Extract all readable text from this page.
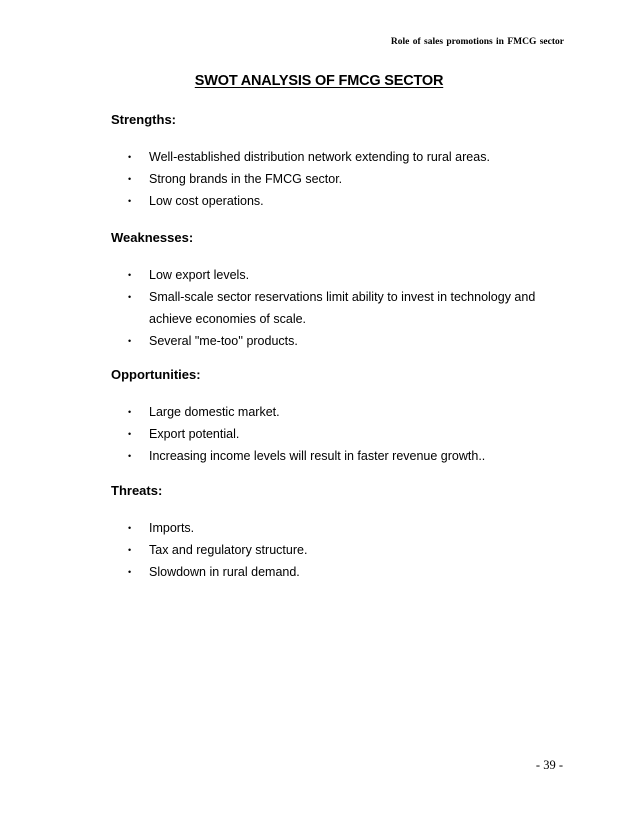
Role of sales promotions in FMCG sector
SWOT ANALYSIS OF FMCG SECTOR
Strengths:
• Well-established distribution network extending to rural areas.
• Strong brands in the FMCG sector.
• Low cost operations.
Weaknesses:
• Low export levels.
• Small-scale sector reservations limit ability to invest in technology and achieve economies of scale.
• Several "me-too'' products.
Opportunities:
• Large domestic market.
• Export potential.
• Increasing income levels will result in faster revenue growth..
Threats:
• Imports.
• Tax and regulatory structure.
• Slowdown in rural demand.
- 39 -
